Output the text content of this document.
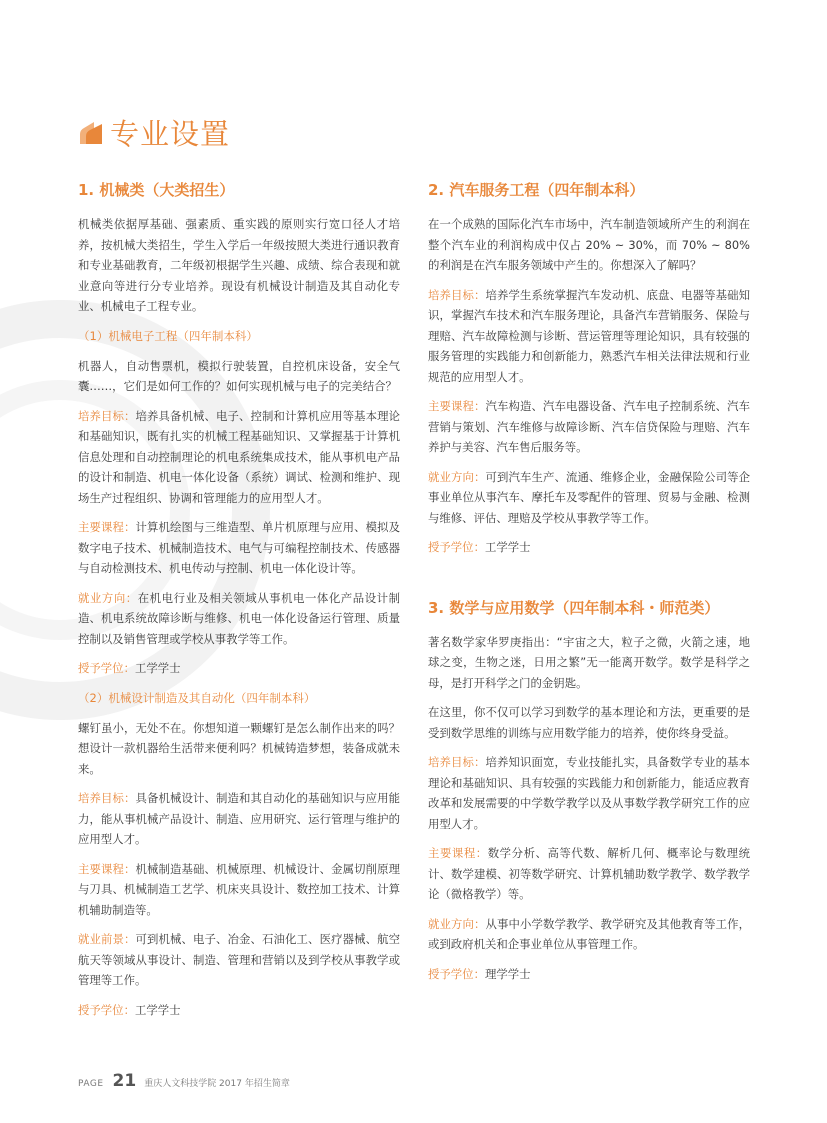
专业设置
1. 机械类（大类招生）

机械类依据厚基础、强素质、重实践的原则实行宽口径人才培养，按机械大类招生，学生入学后一年级按照大类进行通识教育和专业基础教育，二年级初根据学生兴趣、成绩、综合表现和就业意向等进行分专业培养。现设有机械设计制造及其自动化专业、机械电子工程专业。

（1）机械电子工程（四年制本科）

机器人，自动售票机，模拟行驶装置，自控机床设备，安全气囊……，它们是如何工作的？如何实现机械与电子的完美结合？

培养目标：培养具备机械、电子、控制和计算机应用等基本理论和基础知识，既有扎实的机械工程基础知识、又掌握基于计算机信息处理和自动控制理论的机电系统集成技术，能从事机电产品的设计和制造、机电一体化设备（系统）调试、检测和维护、现场生产过程组织、协调和管理能力的应用型人才。

主要课程：计算机绘图与三维造型、单片机原理与应用、模拟及数字电子技术、机械制造技术、电气与可编程控制技术、传感器与自动检测技术、机电传动与控制、机电一体化设计等。

就业方向：在机电行业及相关领域从事机电一体化产品设计制造、机电系统故障诊断与维修、机电一体化设备运行管理、质量控制以及销售管理或学校从事教学等工作。

授予学位：工学学士

（2）机械设计制造及其自动化（四年制本科）

螺钉虽小，无处不在。你想知道一颗螺钉是怎么制作出来的吗？想设计一款机器给生活带来便利吗？机械铸造梦想，装备成就未来。

培养目标：具备机械设计、制造和其自动化的基础知识与应用能力，能从事机械产品设计、制造、应用研究、运行管理与维护的应用型人才。

主要课程：机械制造基础、机械原理、机械设计、金属切削原理与刀具、机械制造工艺学、机床夹具设计、数控加工技术、计算机辅助制造等。

就业前景：可到机械、电子、冶金、石油化工、医疗器械、航空航天等领域从事设计、制造、管理和营销以及到学校从事教学或管理等工作。

授予学位：工学学士

2. 汽车服务工程（四年制本科）

在一个成熟的国际化汽车市场中，汽车制造领域所产生的利润在整个汽车业的利润构成中仅占 20% ~ 30%，而 70% ~ 80% 的利润是在汽车服务领域中产生的。你想深入了解吗？

培养目标：培养学生系统掌握汽车发动机、底盘、电器等基础知识，掌握汽车技术和汽车服务理论，具备汽车营销服务、保险与理赔、汽车故障检测与诊断、营运管理等理论知识，具有较强的服务管理的实践能力和创新能力，熟悉汽车相关法律法规和行业规范的应用型人才。

主要课程：汽车构造、汽车电器设备、汽车电子控制系统、汽车营销与策划、汽车维修与故障诊断、汽车信贷保险与理赔、汽车养护与美容、汽车售后服务等。

就业方向：可到汽车生产、流通、维修企业，金融保险公司等企事业单位从事汽车、摩托车及零配件的管理、贸易与金融、检测与维修、评估、理赔及学校从事教学等工作。

授予学位：工学学士

3. 数学与应用数学（四年制本科・师范类）

著名数学家华罗庚指出：“宇宙之大，粒子之微，火箭之速，地球之变，生物之迷，日用之繁”无一能离开数学。数学是科学之母，是打开科学之门的金钥匙。

在这里，你不仅可以学习到数学的基本理论和方法，更重要的是受到数学思维的训练与应用数学能力的培养，使你终身受益。

培养目标：培养知识面宽，专业技能扎实，具备数学专业的基本理论和基础知识、具有较强的实践能力和创新能力，能适应教育改革和发展需要的中学数学教学以及从事数学教学研究工作的应用型人才。

主要课程：数学分析、高等代数、解析几何、概率论与数理统计、数学建模、初等数学研究、计算机辅助数学教学、数学教学论（微格教学）等。

就业方向：从事中小学数学教学、教学研究及其他教育等工作，或到政府机关和企事业单位从事管理工作。

授予学位：理学学士

PAGE 21 重庆人文科技学院 2017 年招生简章
